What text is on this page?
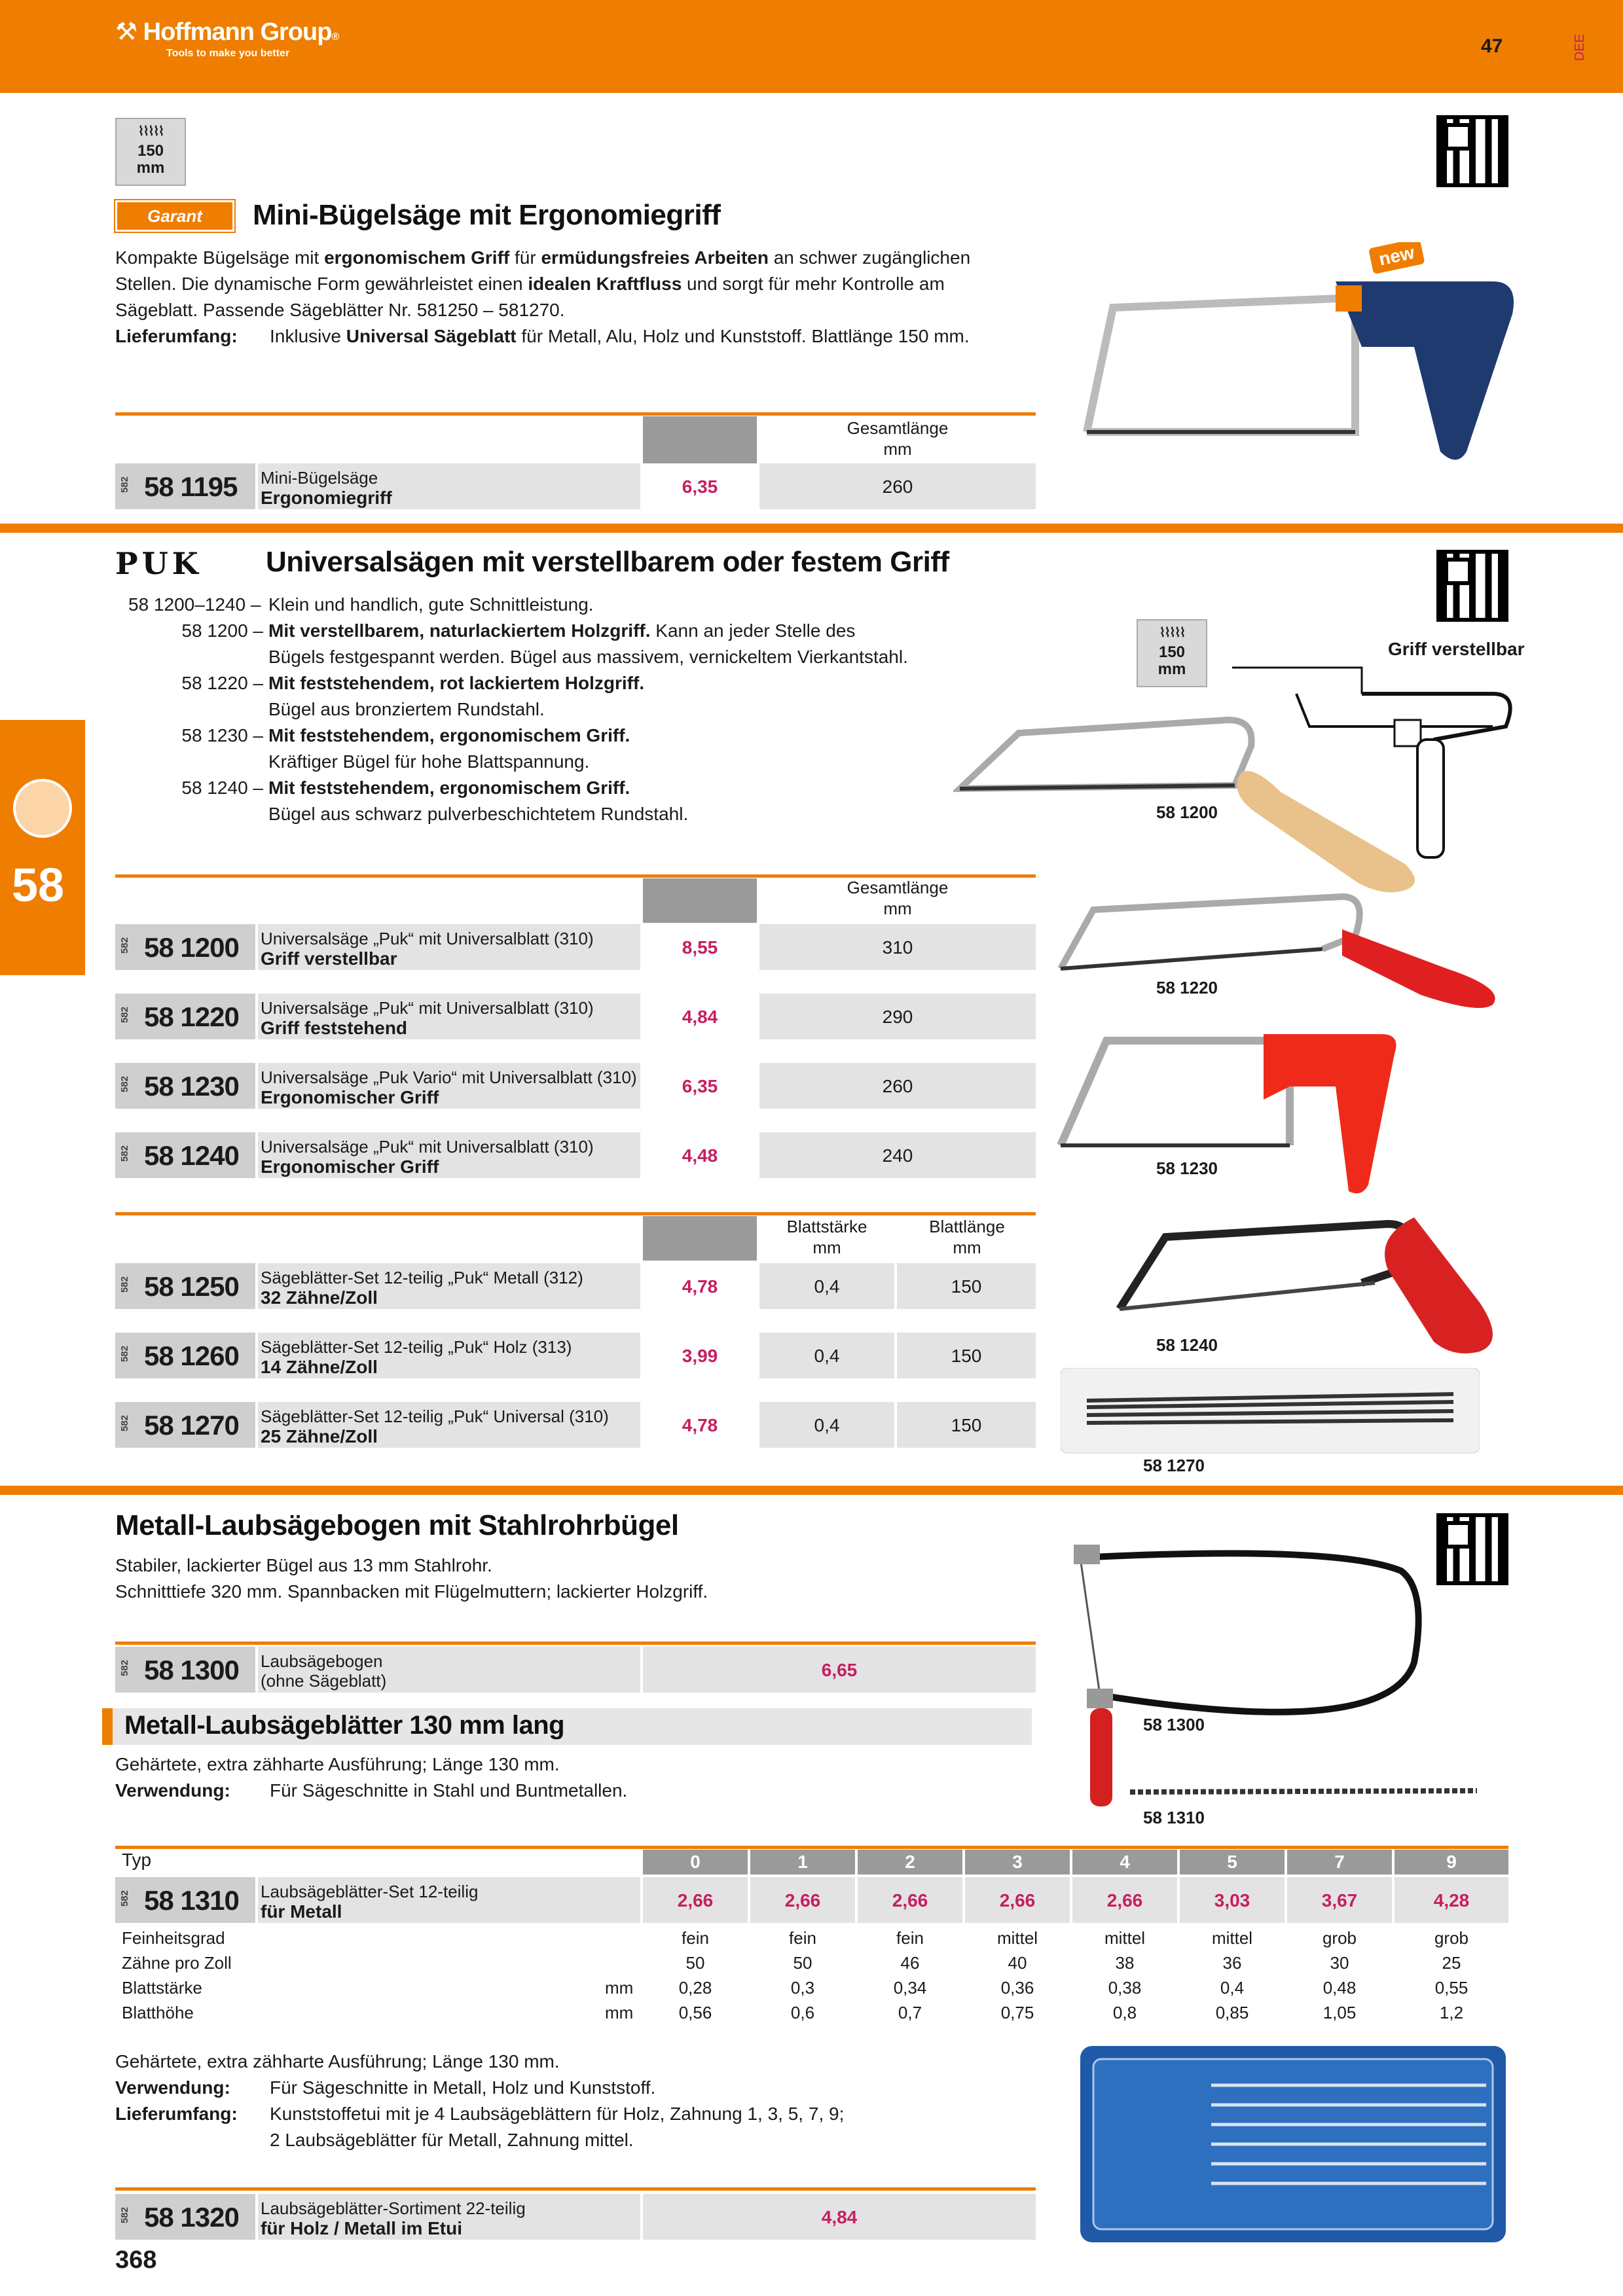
⚒ Hoffmann Group®
Tools to make you better	47	DEE
58
⌇⌇⌇⌇⌇
150
mm
Garant Mini-Bügelsäge mit Ergonomiegriff
Kompakte Bügelsäge mit ergonomischem Griff für ermüdungsfreies Arbeiten an schwer zugänglichen
Stellen. Die dynamische Form gewährleistet einen idealen Kraftfluss und sorgt für mehr Kontrolle am
Sägeblatt. Passende Sägeblätter Nr. 581250 – 581270.
Lieferumfang: Inklusive Universal Sägeblatt für Metall, Alu, Holz und Kunststoff. Blattlänge 150 mm.
new
Gesamtlänge
mm
582 58 1195 Mini-Bügelsäge
Ergonomiegriff
6,35	260
PUK Universalsägen mit verstellbarem oder festem Griff
58 1200–1240 – Klein und handlich, gute Schnittleistung.
58 1200 – Mit verstellbarem, naturlackiertem Holzgriff. Kann an jeder Stelle des
Bügels festgespannt werden. Bügel aus massivem, vernickeltem Vierkantstahl.
58 1220 – Mit feststehendem, rot lackiertem Holzgriff.
Bügel aus bronziertem Rundstahl.
58 1230 – Mit feststehendem, ergonomischem Griff.
Kräftiger Bügel für hohe Blattspannung.
58 1240 – Mit feststehendem, ergonomischem Griff.
Bügel aus schwarz pulverbeschichtetem Rundstahl.
⌇⌇⌇⌇⌇
150
mm
Griff verstellbar
58 1200
58 1220
58 1230
58 1240
58 1270
Gesamtlänge
mm
582 58 1200 Universalsäge „Puk“ mit Universalblatt (310)
Griff verstellbar
8,55	310
582 58 1220 Universalsäge „Puk“ mit Universalblatt (310)
Griff feststehend
4,84	290
582 58 1230 Universalsäge „Puk Vario“ mit Universalblatt (310)
Ergonomischer Griff
6,35	260
582 58 1240 Universalsäge „Puk“ mit Universalblatt (310)
Ergonomischer Griff
4,48	240
Blattstärke
mm
Blattlänge
mm
582 58 1250 Sägeblätter-Set 12-teilig „Puk“ Metall (312)
32 Zähne/Zoll
4,78	0,4	150
582 58 1260 Sägeblätter-Set 12-teilig „Puk“ Holz (313)
14 Zähne/Zoll
3,99	0,4	150
582 58 1270 Sägeblätter-Set 12-teilig „Puk“ Universal (310)
25 Zähne/Zoll
4,78	0,4	150
Metall-Laubsägebogen mit Stahlrohrbügel
Stabiler, lackierter Bügel aus 13 mm Stahlrohr.
Schnitttiefe 320 mm. Spannbacken mit Flügelmuttern; lackierter Holzgriff.
58 1300
58 1310
582 58 1300 Laubsägebogen
(ohne Sägeblatt)
6,65
Metall-Laubsägeblätter 130 mm lang
Gehärtete, extra zähharte Ausführung; Länge 130 mm.
Verwendung: Für Sägeschnitte in Stahl und Buntmetallen.
Typ	0	1	2	3	4	5	7	9
582 58 1310 Laubsägeblätter-Set 12-teilig
für Metall
2,66	2,66	2,66	2,66	2,66	3,03	3,67	4,28
Feinheitsgrad	fein	fein	fein	mittel	mittel	mittel	grob	grob
Zähne pro Zoll	50	50	46	40	38	36	30	25
Blattstärke	mm	0,28	0,3	0,34	0,36	0,38	0,4	0,48	0,55
Blatthöhe	mm	0,56	0,6	0,7	0,75	0,8	0,85	1,05	1,2
Gehärtete, extra zähharte Ausführung; Länge 130 mm.
Verwendung: Für Sägeschnitte in Metall, Holz und Kunststoff.
Lieferumfang: Kunststoffetui mit je 4 Laubsägeblättern für Holz, Zahnung 1, 3, 5, 7, 9;
2 Laubsägeblätter für Metall, Zahnung mittel.
582 58 1320 Laubsägeblätter-Sortiment 22-teilig
für Holz / Metall im Etui
4,84
368
